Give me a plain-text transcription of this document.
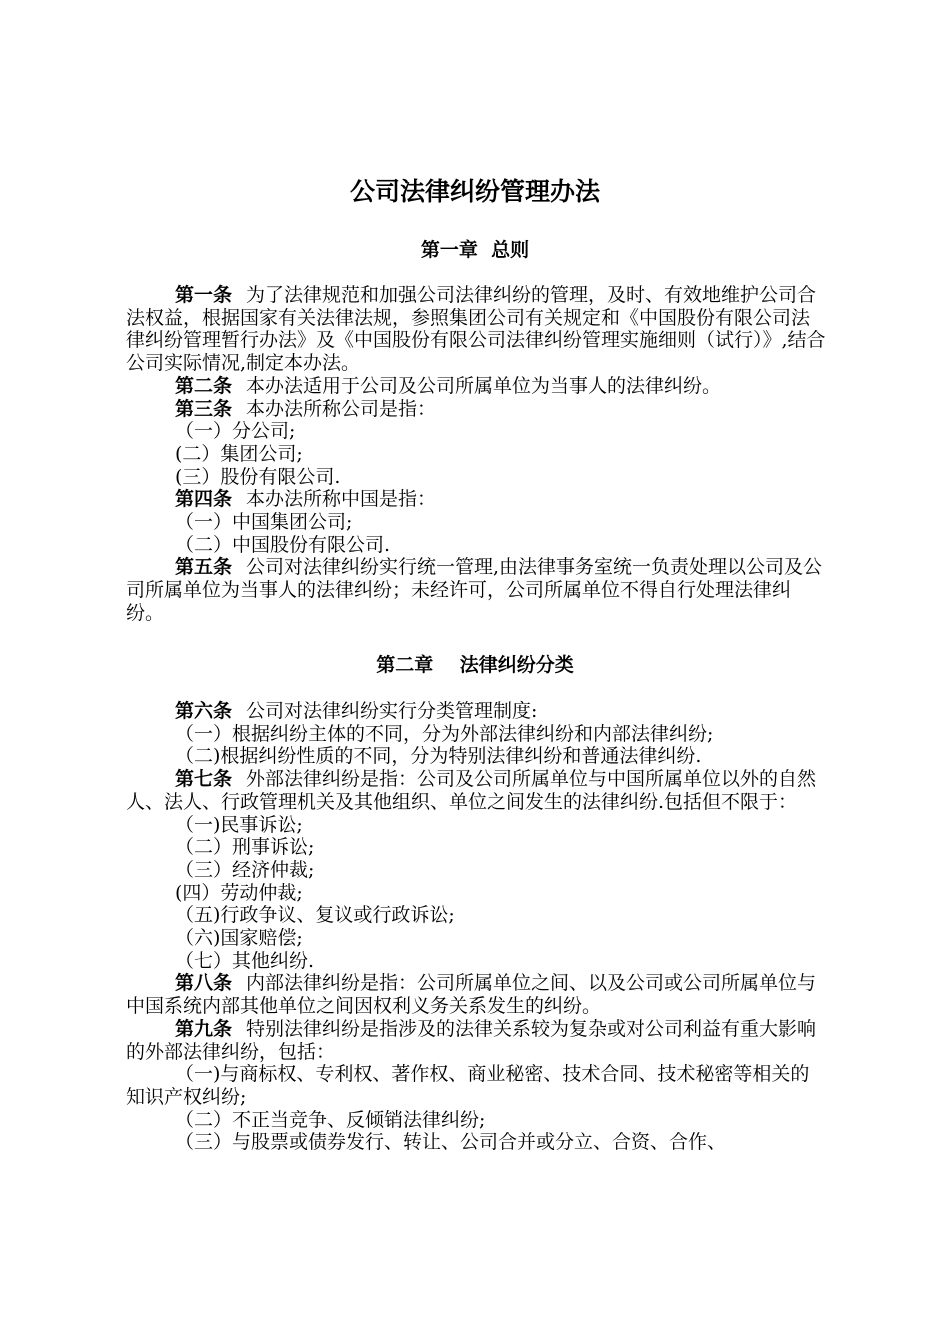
公司法律纠纷管理办法
第一章  总则

第一条 为了法律规范和加强公司法律纠纷的管理，及时、有效地维护公司合法权益，根据国家有关法律法规，参照集团公司有关规定和《中国股份有限公司法律纠纷管理暂行办法》及《中国股份有限公司法律纠纷管理实施细则（试行）》,结合公司实际情况,制定本办法。

第二条 本办法适用于公司及公司所属单位为当事人的法律纠纷。

第三条 本办法所称公司是指：

（一）分公司;

(二）集团公司;

(三）股份有限公司.

第四条 本办法所称中国是指：

（一）中国集团公司;

（二）中国股份有限公司.

第五条 公司对法律纠纷实行统一管理,由法律事务室统一负责处理以公司及公司所属单位为当事人的法律纠纷；未经许可，公司所属单位不得自行处理法律纠纷。

第二章    法律纠纷分类

第六条 公司对法律纠纷实行分类管理制度:

（一）根据纠纷主体的不同，分为外部法律纠纷和内部法律纠纷;

（二)根据纠纷性质的不同，分为特别法律纠纷和普通法律纠纷.

第七条 外部法律纠纷是指：公司及公司所属单位与中国所属单位以外的自然人、法人、行政管理机关及其他组织、单位之间发生的法律纠纷.包括但不限于：

（一)民事诉讼;

（二）刑事诉讼;

（三）经济仲裁;

(四）劳动仲裁;

（五)行政争议、复议或行政诉讼;

（六)国家赔偿;

（七）其他纠纷.

第八条 内部法律纠纷是指：公司所属单位之间、以及公司或公司所属单位与中国系统内部其他单位之间因权利义务关系发生的纠纷。

第九条 特别法律纠纷是指涉及的法律关系较为复杂或对公司利益有重大影响的外部法律纠纷，包括：

（一)与商标权、专利权、著作权、商业秘密、技术合同、技术秘密等相关的知识产权纠纷;

（二）不正当竞争、反倾销法律纠纷;

（三）与股票或债券发行、转让、公司合并或分立、合资、合作、
